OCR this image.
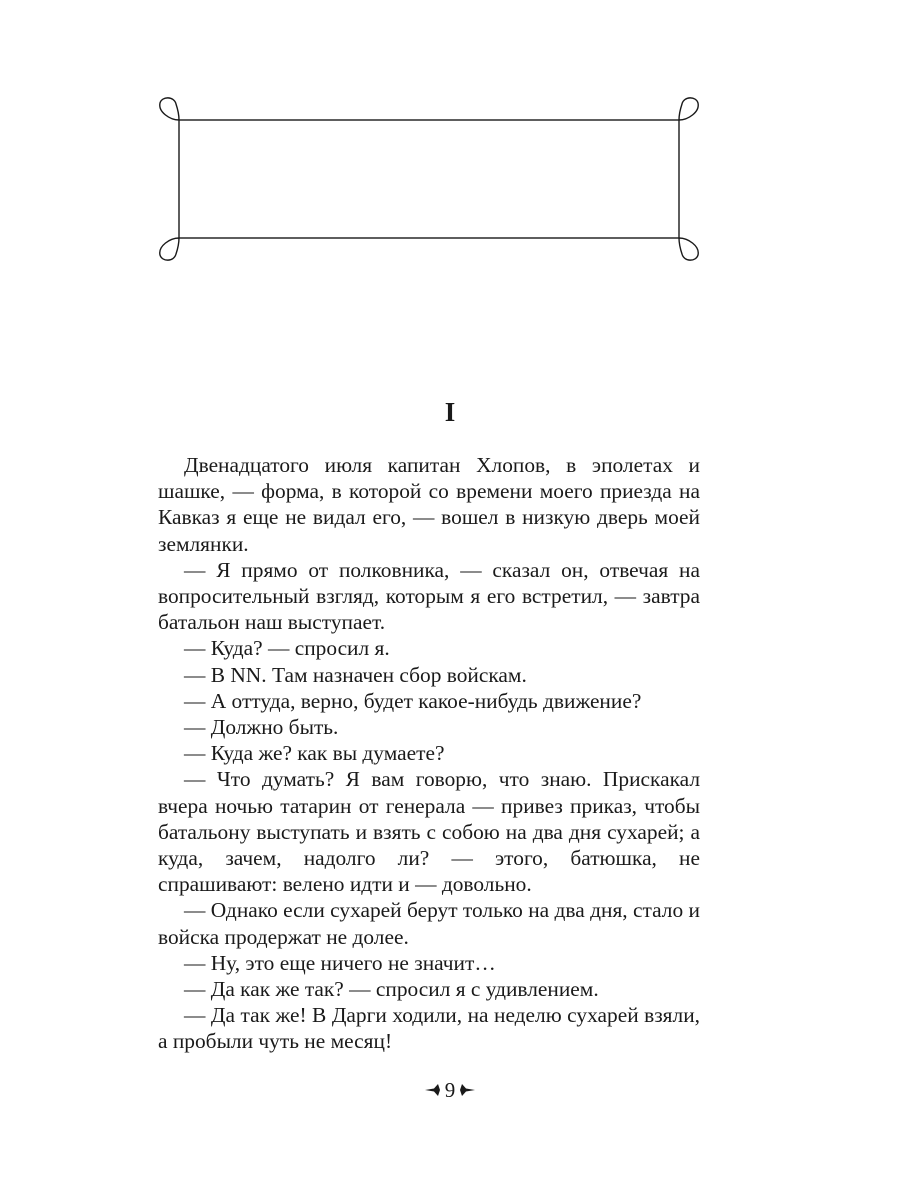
I

Двенадцатого июля капитан Хлопов, в эполетах и шашке, — форма, в которой со времени моего приезда на Кавказ я еще не видал его, — вошел в низкую дверь моей землянки.

— Я прямо от полковника, — сказал он, отвечая на вопросительный взгляд, которым я его встретил, — завтра батальон наш выступает.

— Куда? — спросил я.

— В NN. Там назначен сбор войскам.

— А оттуда, верно, будет какое-нибудь движение?

— Должно быть.

— Куда же? как вы думаете?

— Что думать? Я вам говорю, что знаю. Прискакал вчера ночью татарин от генерала — привез приказ, чтобы батальону выступать и взять с собою на два дня сухарей; а куда, зачем, надолго ли? — этого, батюшка, не спрашивают: велено идти и — довольно.

— Однако если сухарей берут только на два дня, стало и войска продержат не долее.

— Ну, это еще ничего не значит…

— Да как же так? — спросил я с удивлением.

— Да так же! В Дарги ходили, на неделю сухарей взяли, а пробыли чуть не месяц!

9
